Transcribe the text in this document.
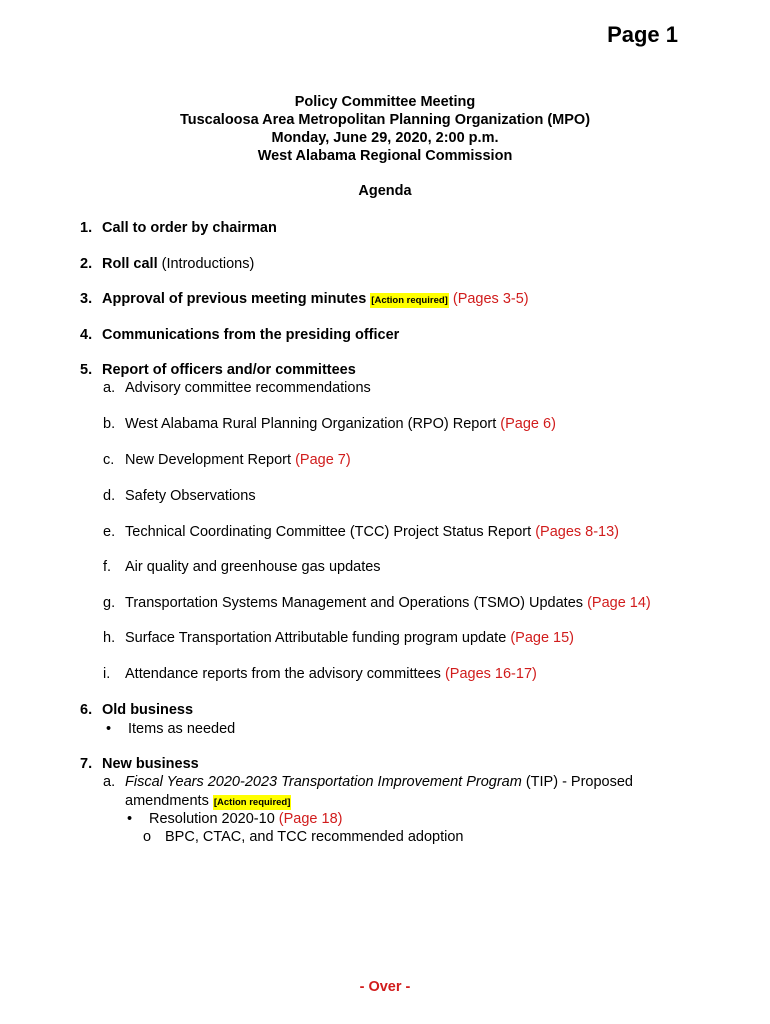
Page 1
Policy Committee Meeting
Tuscaloosa Area Metropolitan Planning Organization (MPO)
Monday, June 29, 2020, 2:00 p.m.
West Alabama Regional Commission
Agenda
1. Call to order by chairman
2. Roll call (Introductions)
3. Approval of previous meeting minutes [Action required] (Pages 3-5)
4. Communications from the presiding officer
5. Report of officers and/or committees
a. Advisory committee recommendations
b. West Alabama Rural Planning Organization (RPO) Report (Page 6)
c. New Development Report (Page 7)
d. Safety Observations
e. Technical Coordinating Committee (TCC) Project Status Report (Pages 8-13)
f. Air quality and greenhouse gas updates
g. Transportation Systems Management and Operations (TSMO) Updates (Page 14)
h. Surface Transportation Attributable funding program update (Page 15)
i. Attendance reports from the advisory committees (Pages 16-17)
6. Old business
• Items as needed
7. New business
a. Fiscal Years 2020-2023 Transportation Improvement Program (TIP) - Proposed
amendments [Action required]
• Resolution 2020-10 (Page 18)
o BPC, CTAC, and TCC recommended adoption
- Over -
